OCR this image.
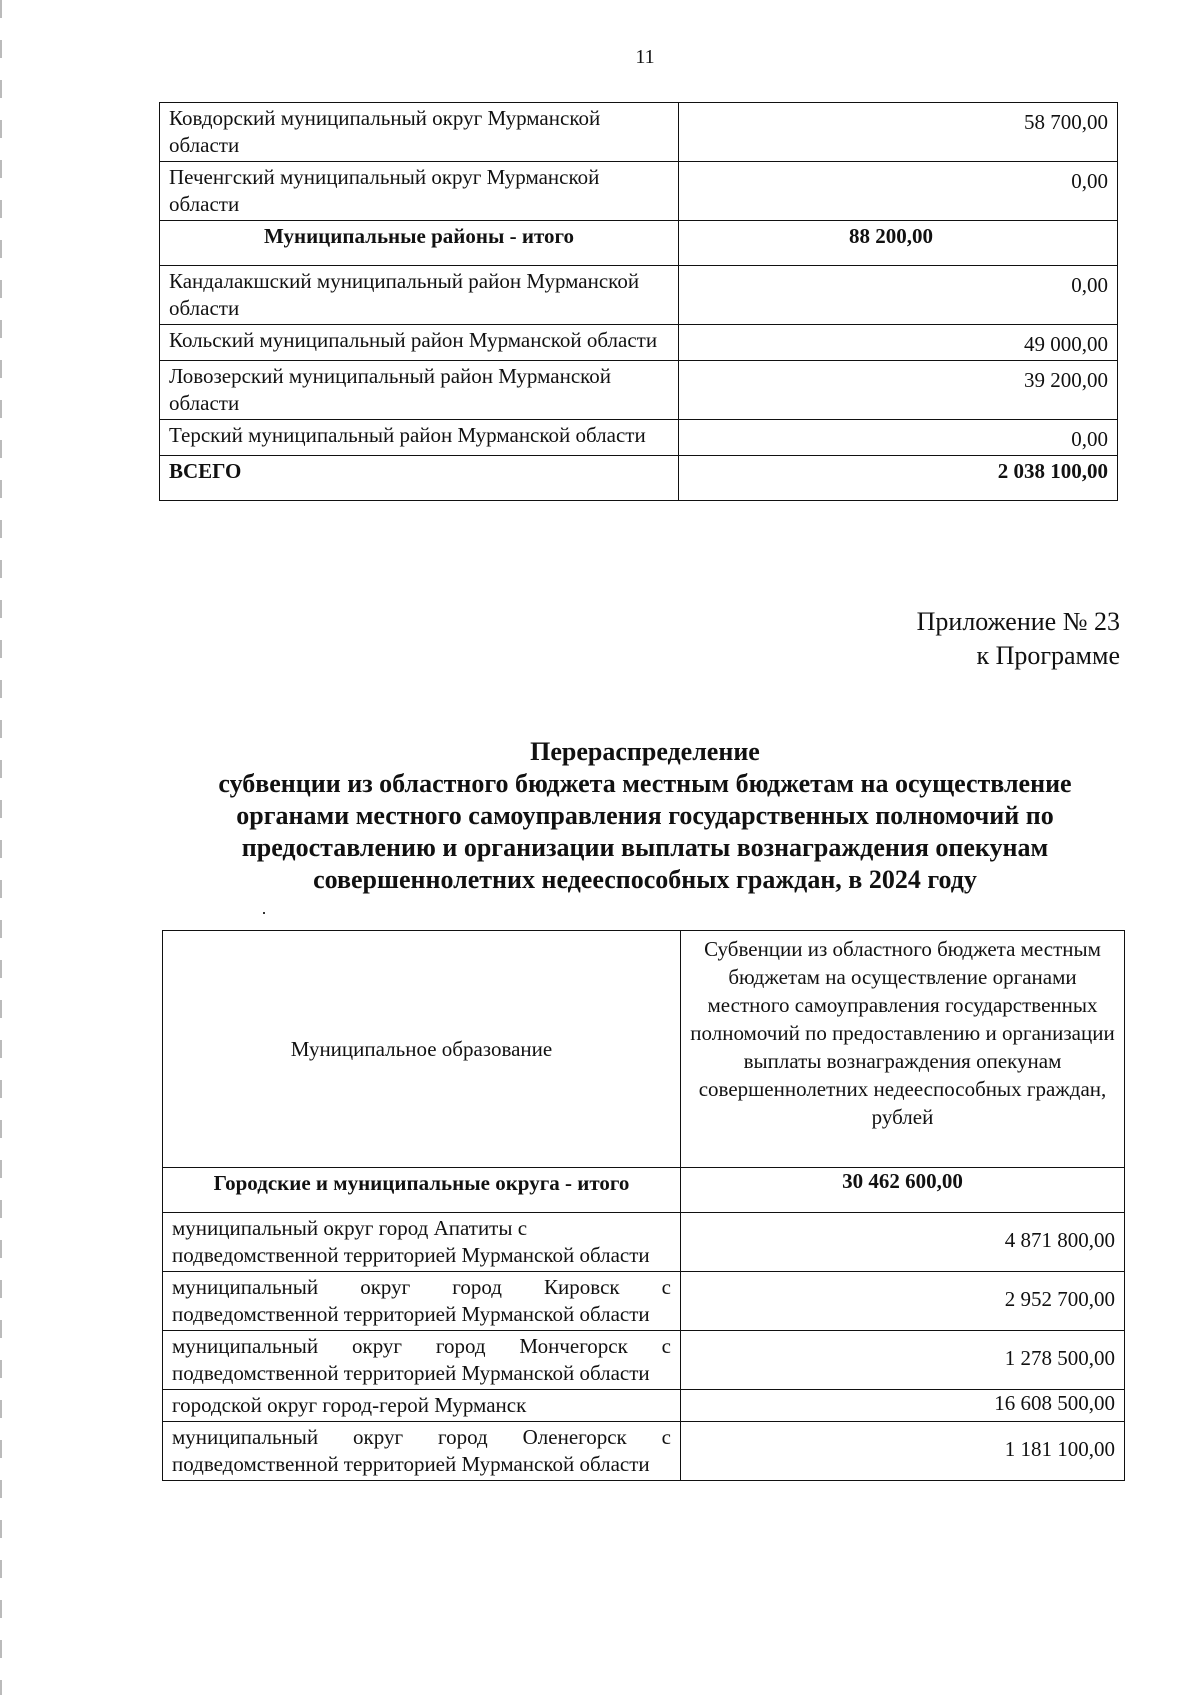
11
Ковдорский муниципальный округ Мурманской области	58 700,00
Печенгский муниципальный округ Мурманской области	0,00
Муниципальные районы - итого	88 200,00
Кандалакшский муниципальный район Мурманской области	0,00
Кольский муниципальный район Мурманской области	49 000,00
Ловозерский муниципальный район Мурманской области	39 200,00
Терский муниципальный район Мурманской области	0,00
ВСЕГО	2 038 100,00
Приложение № 23
к Программе
Перераспределение
субвенции из областного бюджета местным бюджетам на осуществление
органами местного самоуправления государственных полномочий по
предоставлению и организации выплаты вознаграждения опекунам
совершеннолетних недееспособных граждан, в 2024 году
Муниципальное образование	Субвенции из областного бюджета местным бюджетам на осуществление органами местного самоуправления государственных полномочий по предоставлению и организации выплаты вознаграждения опекунам совершеннолетних недееспособных граждан, рублей
Городские и муниципальные округа - итого	30 462 600,00
муниципальный округ город Апатиты с подведомственной территорией Мурманской области	4 871 800,00
муниципальный округ город Кировск с подведомственной территорией Мурманской области	2 952 700,00
муниципальный округ город Мончегорск с подведомственной территорией Мурманской области	1 278 500,00
городской округ город-герой Мурманск	16 608 500,00
муниципальный округ город Оленегорск с подведомственной территорией Мурманской области	1 181 100,00
